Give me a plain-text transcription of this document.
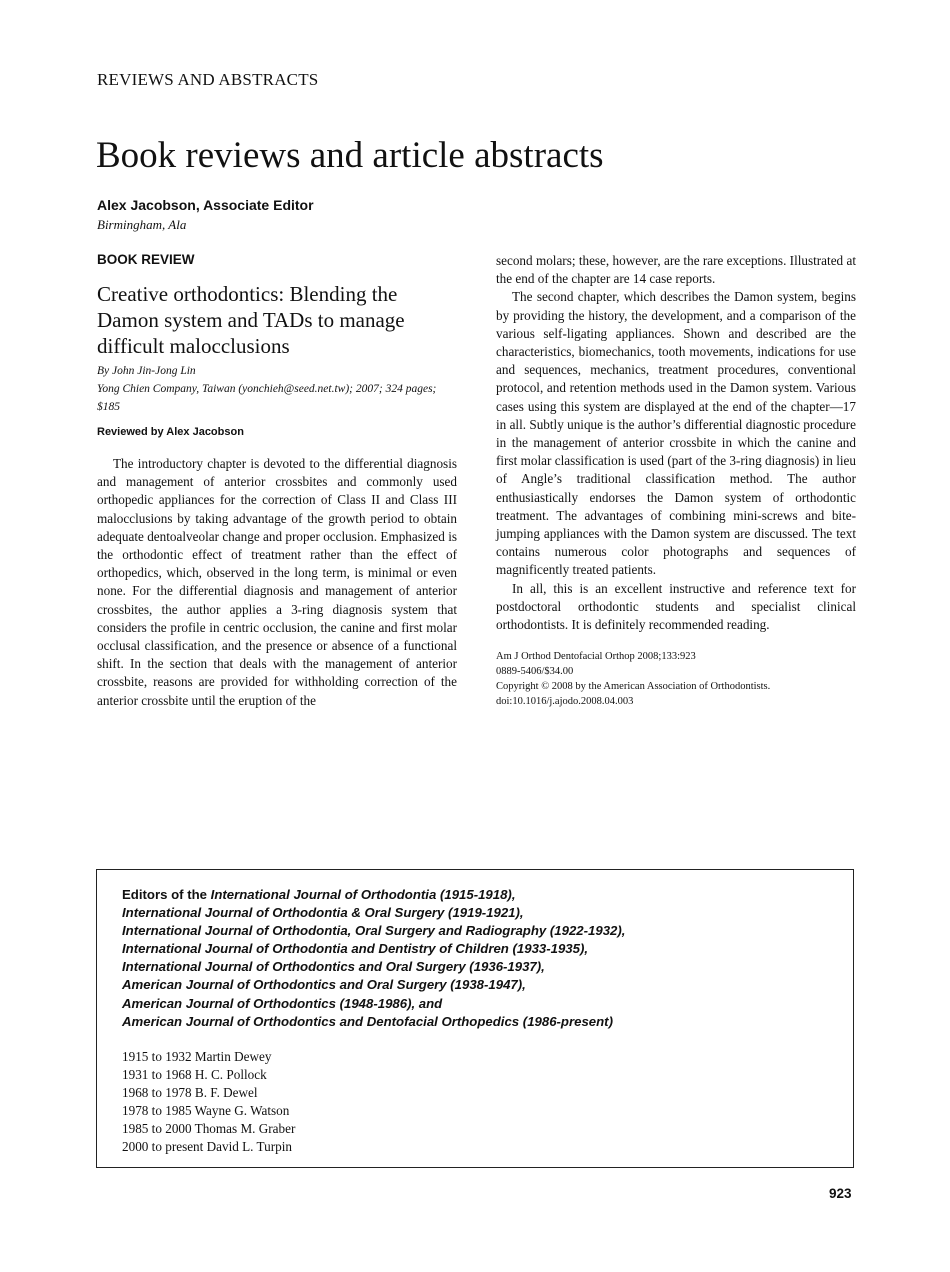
REVIEWS AND ABSTRACTS
Book reviews and article abstracts
Alex Jacobson, Associate Editor
Birmingham, Ala

BOOK REVIEW

Creative orthodontics: Blending the Damon system and TADs to manage difficult malocclusions
By John Jin-Jong Lin
Yong Chien Company, Taiwan (yonchieh@seed.net.tw); 2007; 324 pages; $185
Reviewed by Alex Jacobson

The introductory chapter is devoted to the differential diagnosis and management of anterior crossbites and commonly used orthopedic appliances for the correction of Class II and Class III malocclusions by taking advantage of the growth period to obtain adequate dentoalveolar change and proper occlusion. Emphasized is the orthodontic effect of treatment rather than the effect of orthopedics, which, observed in the long term, is minimal or even none. For the differential diagnosis and management of anterior crossbites, the author applies a 3-ring diagnosis system that considers the profile in centric occlusion, the canine and first molar occlusal classification, and the presence or absence of a functional shift. In the section that deals with the management of anterior crossbite, reasons are provided for withholding correction of the anterior crossbite until the eruption of the

second molars; these, however, are the rare exceptions. Illustrated at the end of the chapter are 14 case reports.

The second chapter, which describes the Damon system, begins by providing the history, the development, and a comparison of the various self-ligating appliances. Shown and described are the characteristics, biomechanics, tooth movements, indications for use and sequences, mechanics, treatment procedures, conventional protocol, and retention methods used in the Damon system. Various cases using this system are displayed at the end of the chapter—17 in all. Subtly unique is the author’s differential diagnostic procedure in the management of anterior crossbite in which the canine and first molar classification is used (part of the 3-ring diagnosis) in lieu of Angle’s traditional classification method. The author enthusiastically endorses the Damon system of orthodontic treatment. The advantages of combining mini-screws and bite-jumping appliances with the Damon system are discussed. The text contains numerous color photographs and sequences of magnificently treated patients.

In all, this is an excellent instructive and reference text for postdoctoral orthodontic students and specialist clinical orthodontists. It is definitely recommended reading.

Am J Orthod Dentofacial Orthop 2008;133:923
0889-5406/$34.00
Copyright © 2008 by the American Association of Orthodontists.
doi:10.1016/j.ajodo.2008.04.003
Editors of the International Journal of Orthodontia (1915-1918),
International Journal of Orthodontia & Oral Surgery (1919-1921),
International Journal of Orthodontia, Oral Surgery and Radiography (1922-1932),
International Journal of Orthodontia and Dentistry of Children (1933-1935),
International Journal of Orthodontics and Oral Surgery (1936-1937),
American Journal of Orthodontics and Oral Surgery (1938-1947),
American Journal of Orthodontics (1948-1986), and
American Journal of Orthodontics and Dentofacial Orthopedics (1986-present)
1915 to 1932 Martin Dewey
1931 to 1968 H. C. Pollock
1968 to 1978 B. F. Dewel
1978 to 1985 Wayne G. Watson
1985 to 2000 Thomas M. Graber
2000 to present David L. Turpin
923
